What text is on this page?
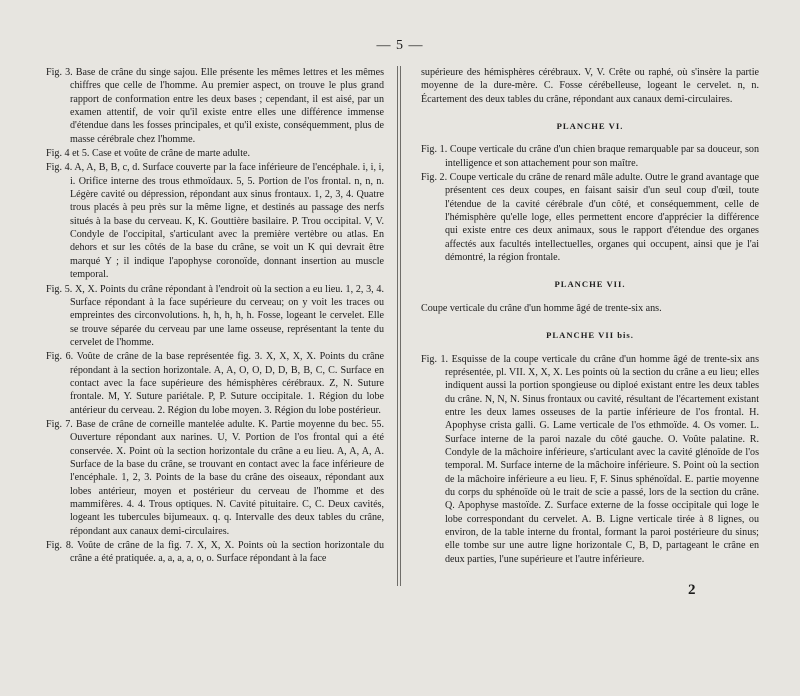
— 5 —

Fig. 3. Base de crâne du singe sajou. Elle présente les mêmes lettres et les mêmes chiffres que celle de l'homme. Au premier aspect, on trouve le plus grand rapport de conformation entre les deux bases ; cependant, il est aisé, par un examen attentif, de voir qu'il existe entre elles une différence immense d'étendue dans les fosses principales, et qu'il existe, conséquemment, plus de masse cérébrale chez l'homme.

Fig. 4 et 5. Case et voûte de crâne de marte adulte.

Fig. 4. A, A, B, B, c, d. Surface couverte par la face inférieure de l'encéphale. i, i, i, i. Orifice interne des trous ethmoïdaux. 5, 5. Portion de l'os frontal. n, n, n. Légère cavité ou dépression, répondant aux sinus frontaux. 1, 2, 3, 4. Quatre trous placés à peu près sur la même ligne, et destinés au passage des nerfs situés à la base du cerveau. K, K. Gouttière basilaire. P. Trou occipital. V, V. Condyle de l'occipital, s'articulant avec la première vertèbre ou atlas. En dehors et sur les côtés de la base du crâne, se voit un K qui devrait être marqué Y ; il indique l'apophyse coronoïde, donnant insertion au muscle temporal.

Fig. 5. X, X. Points du crâne répondant à l'endroit où la section a eu lieu. 1, 2, 3, 4. Surface répondant à la face supérieure du cerveau; on y voit les traces ou empreintes des circonvolutions. h, h, h, h, h. Fosse, logeant le cervelet. Elle se trouve séparée du cerveau par une lame osseuse, représentant la tente du cervelet de l'homme.

Fig. 6. Voûte de crâne de la base représentée fig. 3. X, X, X, X. Points du crâne répondant à la section horizontale. A, A, O, O, D, D, B, B, C, C. Surface en contact avec la face supérieure des hémisphères cérébraux. Z, N. Suture frontale. M, Y. Suture pariétale. P, P. Suture occipitale. 1. Région du lobe antérieur du cerveau. 2. Région du lobe moyen. 3. Région du lobe postérieur.

Fig. 7. Base de crâne de corneille mantelée adulte. K. Partie moyenne du bec. 55. Ouverture répondant aux narines. U, V. Portion de l'os frontal qui a été conservée. X. Point où la section horizontale du crâne a eu lieu. A, A, A, A. Surface de la base du crâne, se trouvant en contact avec la face inférieure de l'encéphale. 1, 2, 3. Points de la base du crâne des oiseaux, répondant aux lobes antérieur, moyen et postérieur du cerveau de l'homme et des mammifères. 4. 4. Trous optiques. N. Cavité pituitaire. C, C. Deux cavités, logeant les tubercules bijumeaux. q. q. Intervalle des deux tables du crâne, répondant aux canaux demi-circulaires.

Fig. 8. Voûte de crâne de la fig. 7. X, X, X. Points où la section horizontale du crâne a été pratiquée. a, a, a, a, o, o. Surface répondant à la face

supérieure des hémisphères cérébraux. V, V. Crête ou raphé, où s'insère la partie moyenne de la dure-mère. C. Fosse cérébelleuse, logeant le cervelet. n, n. Écartement des deux tables du crâne, répondant aux canaux demi-circulaires.

PLANCHE VI.

Fig. 1. Coupe verticale du crâne d'un chien braque remarquable par sa douceur, son intelligence et son attachement pour son maître.

Fig. 2. Coupe verticale du crâne de renard mâle adulte. Outre le grand avantage que présentent ces deux coupes, en faisant saisir d'un seul coup d'œil, toute l'étendue de la cavité cérébrale d'un côté, et conséquemment, celle de l'hémisphère qu'elle loge, elles permettent encore d'apprécier la différence qui existe entre ces deux animaux, sous le rapport d'étendue des organes affectés aux facultés intellectuelles, organes qui occupent, ainsi que je l'ai démontré, la région frontale.

PLANCHE VII.

Coupe verticale du crâne d'un homme âgé de trente-six ans.

PLANCHE VII bis.

Fig. 1. Esquisse de la coupe verticale du crâne d'un homme âgé de trente-six ans représentée, pl. VII. X, X, X. Les points où la section du crâne a eu lieu; elles indiquent aussi la portion spongieuse ou diploé existant entre les deux tables du crâne. N, N, N. Sinus frontaux ou cavité, résultant de l'écartement existant entre les deux lames osseuses de la partie inférieure de l'os frontal. H. Apophyse crista galli. G. Lame verticale de l'os ethmoïde. 4. Os vomer. L. Surface interne de la paroi nazale du côté gauche. O. Voûte palatine. R. Condyle de la mâchoire inférieure, s'articulant avec la cavité glénoïde de l'os temporal. M. Surface interne de la mâchoire inférieure. S. Point où la section de la mâchoire inférieure a eu lieu. F, F. Sinus sphénoïdal. E. partie moyenne du corps du sphénoïde où le trait de scie a passé, lors de la section du crâne. Q. Apophyse mastoïde. Z. Surface externe de la fosse occipitale qui loge le lobe correspondant du cervelet. A. B. Ligne verticale tirée à 8 lignes, ou environ, de la table interne du frontal, formant la paroi postérieure du sinus; elle tombe sur une autre ligne horizontale C, B, D, partageant le crâne en deux parties, l'une supérieure et l'autre inférieure.

2
